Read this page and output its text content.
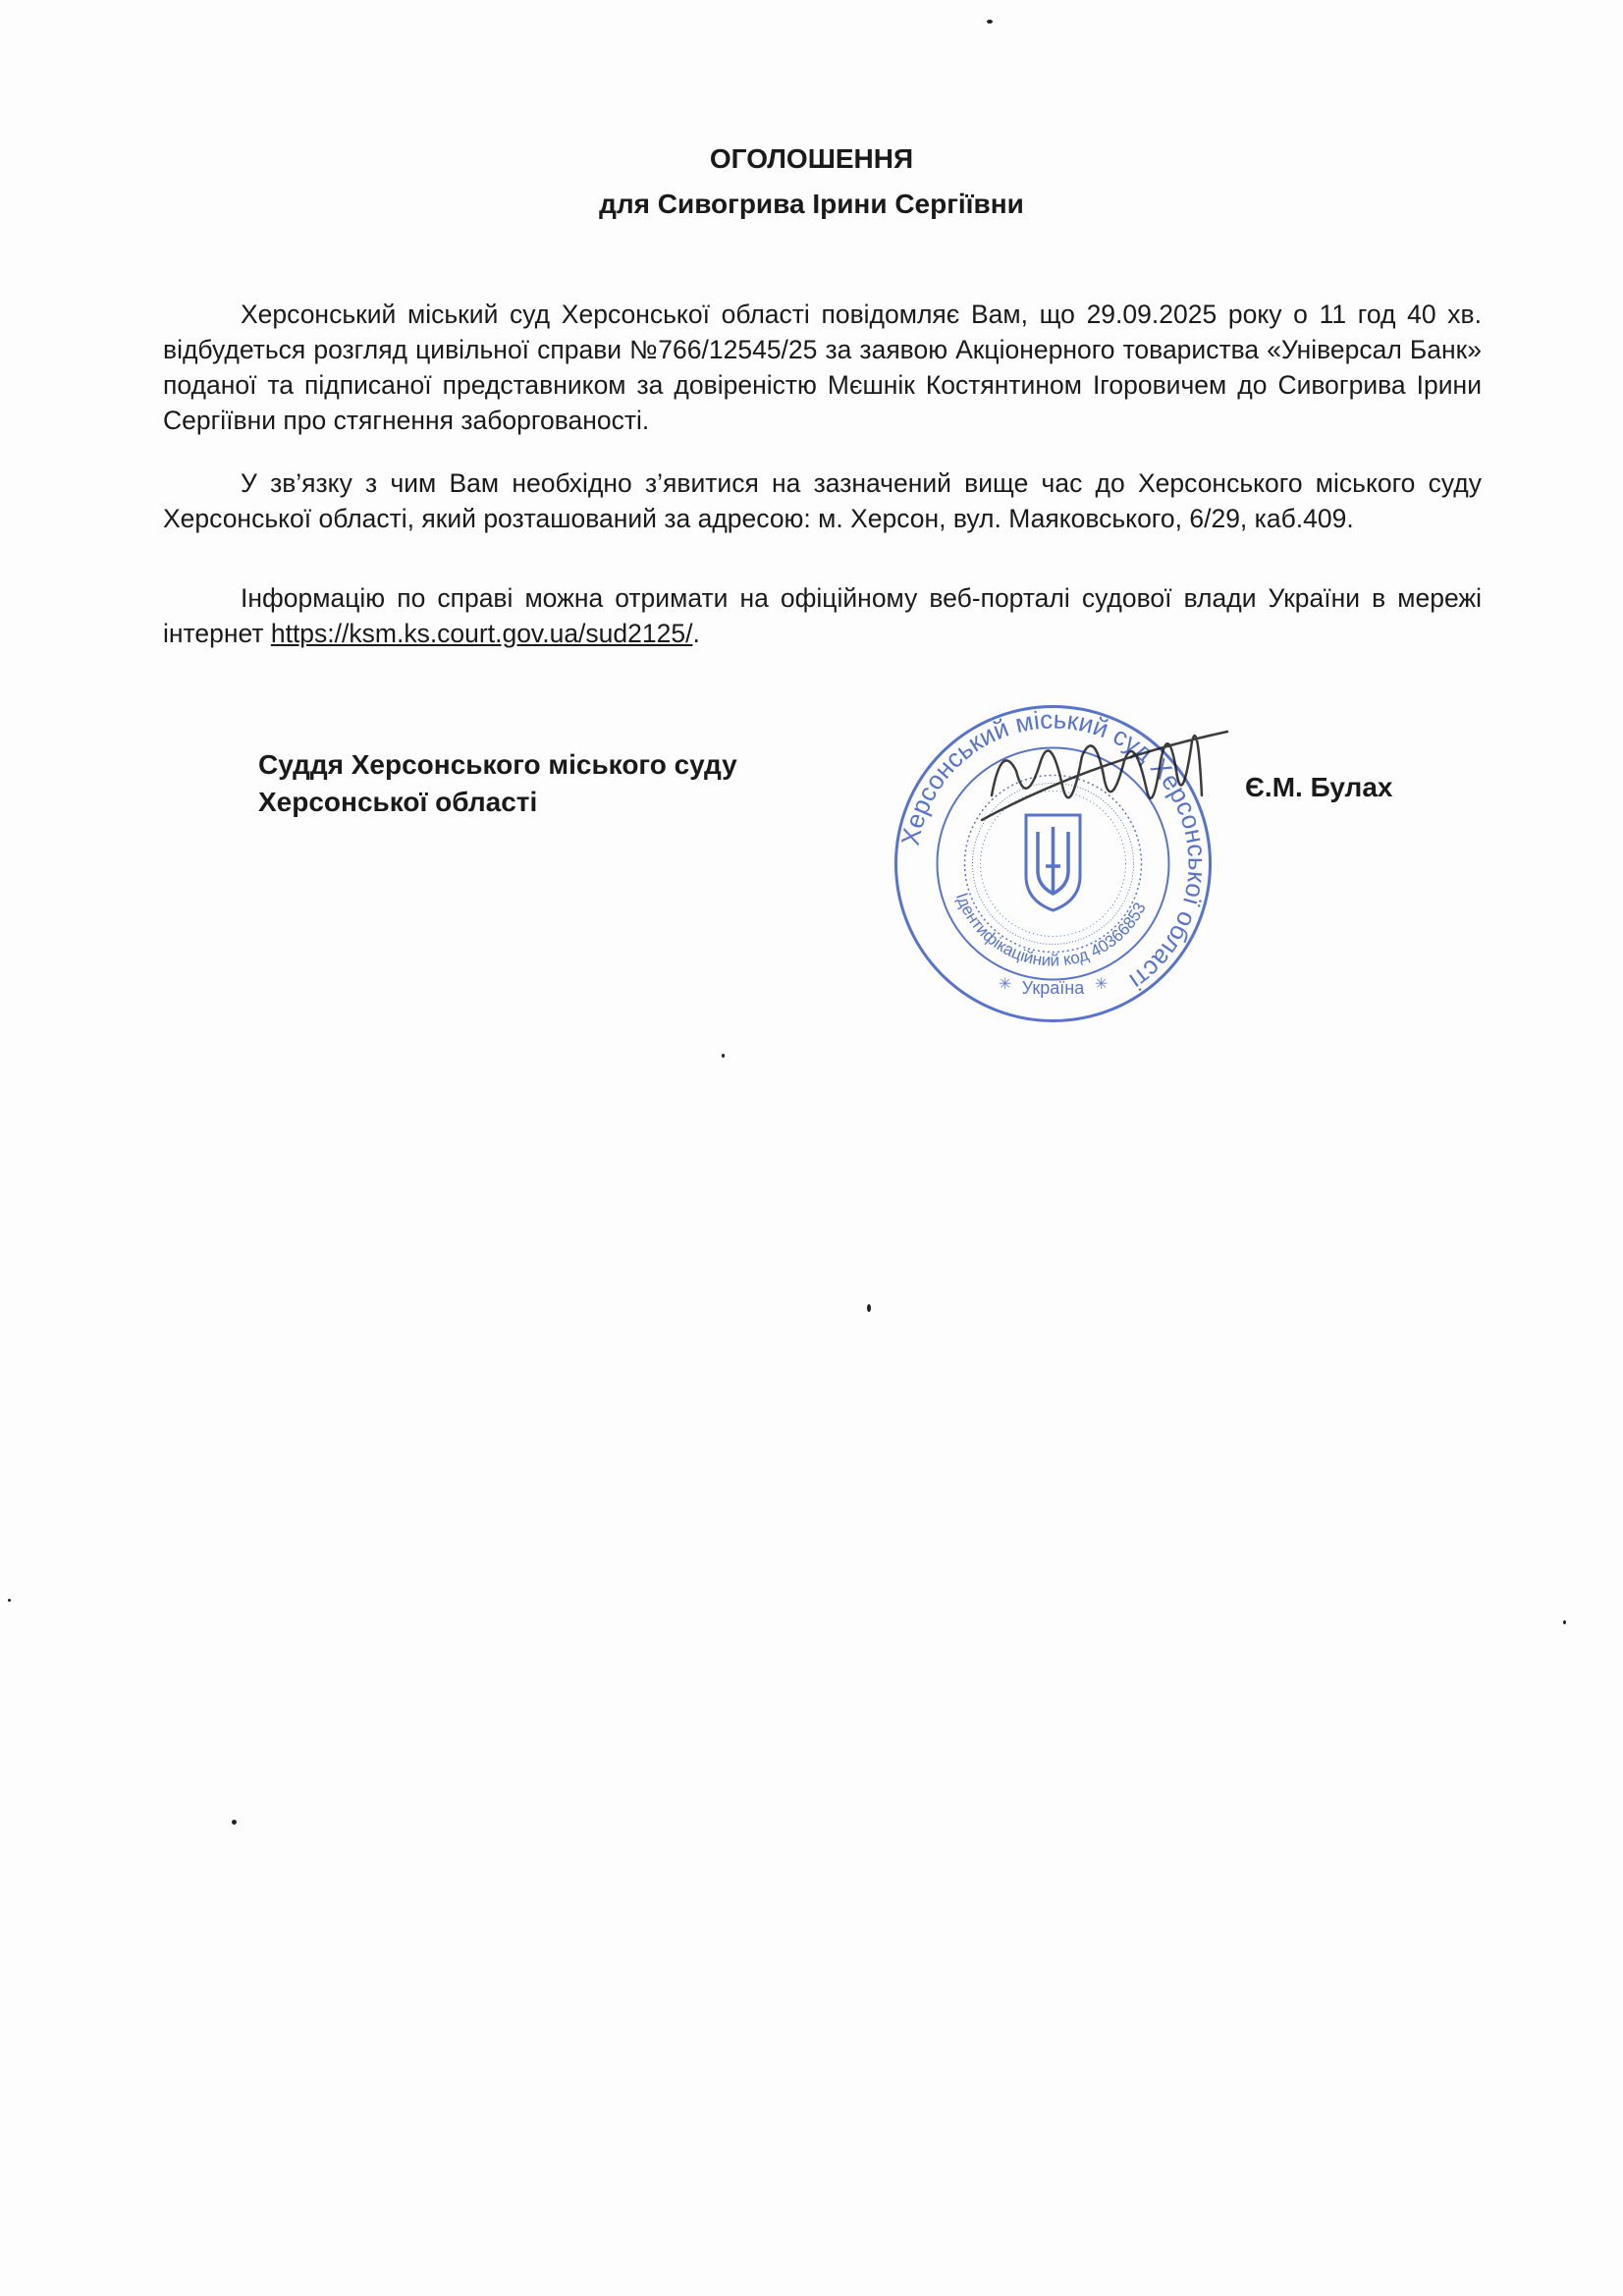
ОГОЛОШЕННЯ
для Сивогрива Ірини Сергіївни

Херсонський міський суд Херсонської області повідомляє Вам, що 29.09.2025 року о 11 год 40 хв. відбудеться розгляд цивільної справи №766/12545/25 за заявою Акціонерного товариства «Універсал Банк» поданої та підписаної представником за довіреністю Мєшнік Костянтином Ігоровичем до Сивогрива Ірини Сергіївни про стягнення заборгованості.

У зв’язку з чим Вам необхідно з’явитися на зазначений вище час до Херсонського міського суду Херсонської області, який розташований за адресою: м. Херсон, вул. Маяковського, 6/29, каб.409.

Інформацію по справі можна отримати на офіційному веб-порталі судової влади України в мережі інтернет https://ksm.ks.court.gov.ua/sud2125/.

Суддя Херсонського міського суду
Херсонської області
Херсонський міський суд Херсонської області
Ідентифікаційний код 40366853
Україна
✳	✳
Є.М. Булах
